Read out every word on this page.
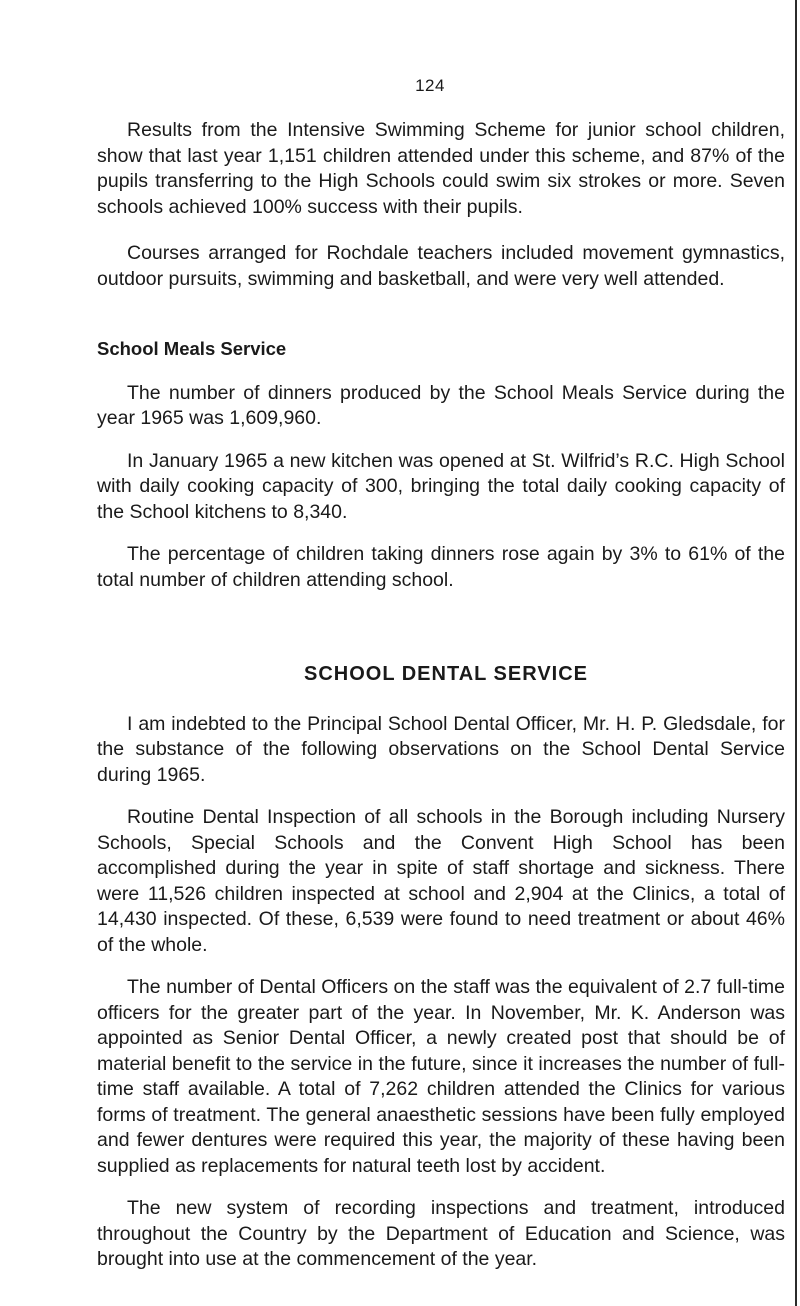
124

Results from the Intensive Swimming Scheme for junior school children, show that last year 1,151 children attended under this scheme, and 87% of the pupils transferring to the High Schools could swim six strokes or more. Seven schools achieved 100% success with their pupils.

Courses arranged for Rochdale teachers included movement gymnastics, outdoor pursuits, swimming and basketball, and were very well attended.

School Meals Service

The number of dinners produced by the School Meals Service during the year 1965 was 1,609,960.

In January 1965 a new kitchen was opened at St. Wilfrid’s R.C. High School with daily cooking capacity of 300, bringing the total daily cooking capacity of the School kitchens to 8,340.

The percentage of children taking dinners rose again by 3% to 61% of the total number of children attending school.

SCHOOL DENTAL SERVICE

I am indebted to the Principal School Dental Officer, Mr. H. P. Gledsdale, for the substance of the following observations on the School Dental Service during 1965.

Routine Dental Inspection of all schools in the Borough including Nursery Schools, Special Schools and the Convent High School has been accomplished during the year in spite of staff shortage and sickness. There were 11,526 children inspected at school and 2,904 at the Clinics, a total of 14,430 inspected. Of these, 6,539 were found to need treatment or about 46% of the whole.

The number of Dental Officers on the staff was the equivalent of 2.7 full-time officers for the greater part of the year. In November, Mr. K. Anderson was appointed as Senior Dental Officer, a newly created post that should be of material benefit to the service in the future, since it increases the number of full-time staff available. A total of 7,262 children attended the Clinics for various forms of treatment. The general anaesthetic sessions have been fully employed and fewer dentures were required this year, the majority of these having been supplied as replacements for natural teeth lost by accident.

The new system of recording inspections and treatment, introduced throughout the Country by the Department of Education and Science, was brought into use at the commencement of the year.
